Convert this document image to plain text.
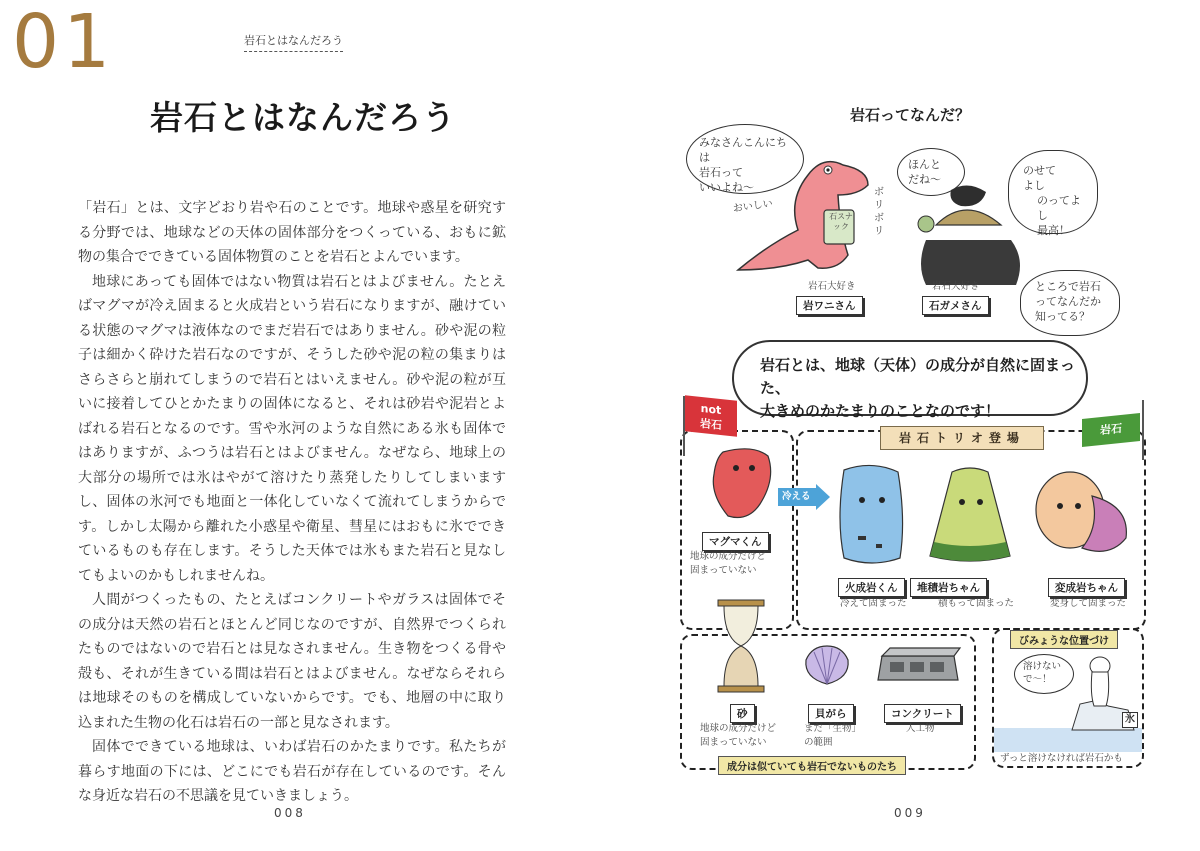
01	岩石とはなんだろう
岩石とはなんだろう

「岩石」とは、文字どおり岩や石のことです。地球や惑星を研究する分野では、地球などの天体の固体部分をつくっている、おもに鉱物の集合でできている固体物質のことを岩石とよんでいます。

地球にあっても固体ではない物質は岩石とはよびません。たとえばマグマが冷え固まると火成岩という岩石になりますが、融けている状態のマグマは液体なのでまだ岩石ではありません。砂や泥の粒子は細かく砕けた岩石なのですが、そうした砂や泥の粒の集まりはさらさらと崩れてしまうので岩石とはいえません。砂や泥の粒が互いに接着してひとかたまりの固体になると、それは砂岩や泥岩とよばれる岩石となるのです。雪や氷河のような自然にある氷も固体ではありますが、ふつうは岩石とはよびません。なぜなら、地球上の大部分の場所では氷はやがて溶けたり蒸発したりしてしまいますし、固体の氷河でも地面と一体化していなくて流れてしまうからです。しかし太陽から離れた小惑星や衛星、彗星にはおもに氷でできているものも存在します。そうした天体では氷もまた岩石と見なしてもよいのかもしれませんね。

人間がつくったもの、たとえばコンクリートやガラスは固体でその成分は天然の岩石とほとんど同じなのですが、自然界でつくられたものではないので岩石とは見なされません。生き物をつくる骨や殻も、それが生きている間は岩石とはよびません。なぜならそれらは地球そのものを構成していないからです。でも、地層の中に取り込まれた生物の化石は岩石の一部と見なされます。

固体でできている地球は、いわば岩石のかたまりです。私たちが暮らす地面の下には、どこにでも岩石が存在しているのです。そんな身近な岩石の不思議を見ていきましょう。

008
岩石ってなんだ？
みなさんこんにちは
岩石って
いいよね〜
おいしい
ボリボリ
石スナック
ほんと
だね〜
のせて
よし
のってよし
最高！
ところで岩石
ってなんだか
知ってる？
岩石大好き
岩ワニさん
岩石大好き
石ガメさん
岩石とは、地球（天体）の成分が自然に固まった、
大きめのかたまりのことなのです！
not
岩石	岩石
岩石トリオ登場
マグマくん
地球の成分だけど
固まっていない
冷える
火成岩くん
冷えて固まった
堆積岩ちゃん
積もって固まった
変成岩ちゃん
変身して固まった
砂
地球の成分だけど
固まっていない
貝がら
まだ「生物」
の範囲
コンクリート
人工物
成分は似ていても岩石でないものたち
びみょうな位置づけ
溶けない
で〜！
氷
ずっと溶けなければ岩石かも
009
